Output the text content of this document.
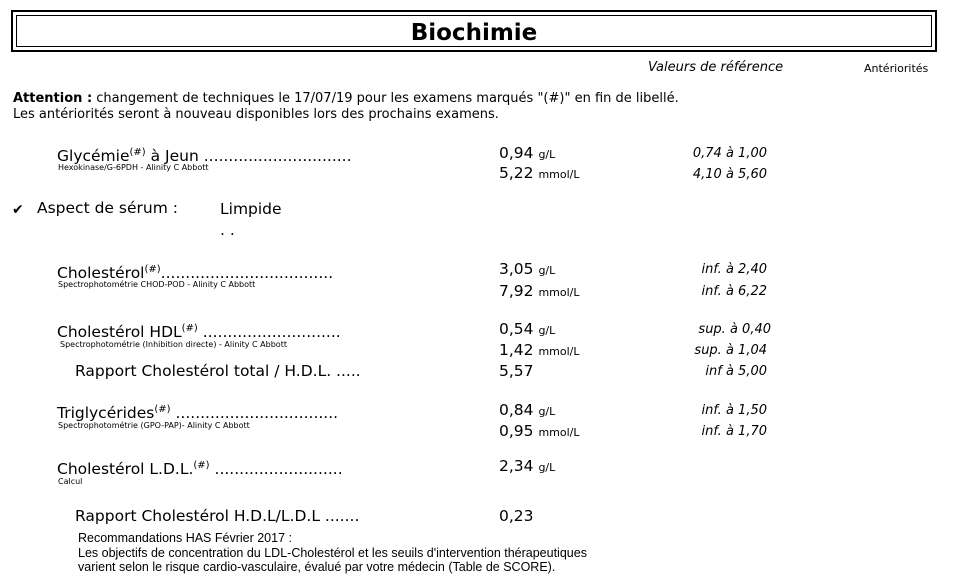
Biochimie
Valeurs de référence	Antériorités
Attention : changement de techniques le 17/07/19 pour les examens marqués "(#)" en fin de libellé.
Les antériorités seront à nouveau disponibles lors des prochains examens.
Glycémie(#) à Jeun ..............................
Hexokinase/G-6PDH - Alinity C Abbott
0,94 g/L	0,74 à 1,00
5,22 mmol/L	4,10 à 5,60
✔ Aspect de sérum :	Limpide
. .
Cholestérol(#)...................................
Spectrophotométrie CHOD-POD - Alinity C Abbott
3,05 g/L	inf. à 2,40
7,92 mmol/L	inf. à 6,22
Cholestérol HDL(#) ............................
Spectrophotométrie (Inhibition directe) - Alinity C Abbott
0,54 g/L	sup. à 0,40
1,42 mmol/L	sup. à 1,04
Rapport Cholestérol total / H.D.L. .....	5,57	inf à 5,00
Triglycérides(#) .................................
Spectrophotométrie (GPO-PAP)- Alinity C Abbott
0,84 g/L	inf. à 1,50
0,95 mmol/L	inf. à 1,70
Cholestérol L.D.L.(#) ..........................
Calcul
2,34 g/L
Rapport Cholestérol H.D.L/L.D.L .......	0,23
Recommandations HAS Février 2017 :
Les objectifs de concentration du LDL-Cholestérol et les seuils d'intervention thérapeutiques
varient selon le risque cardio-vasculaire, évalué par votre médecin (Table de SCORE).
